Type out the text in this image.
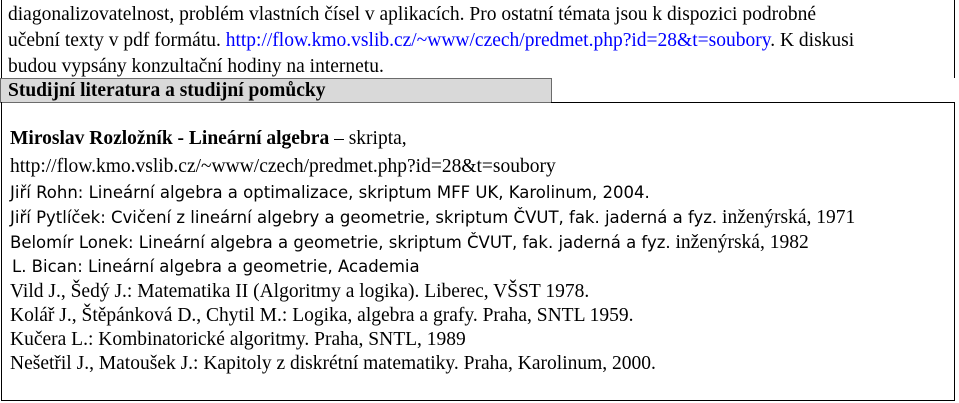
diagonalizovatelnost, problém vlastních čísel v aplikacích. Pro ostatní témata jsou k dispozici podrobné
učební texty v pdf formátu. http://flow.kmo.vslib.cz/~www/czech/predmet.php?id=28&t=soubory. K diskusi
budou vypsány konzultační hodiny na internetu.
Studijní literatura a studijní pomůcky
Miroslav Rozložník - Lineární algebra – skripta,
http://flow.kmo.vslib.cz/~www/czech/predmet.php?id=28&t=soubory
Jiří Rohn: Lineární algebra a optimalizace, skriptum MFF UK, Karolinum, 2004.
Jiří Pytlíček: Cvičení z lineární algebry a geometrie, skriptum ČVUT, fak. jaderná a fyz. inženýrská, 1971
Belomír Lonek: Lineární algebra a geometrie, skriptum ČVUT, fak. jaderná a fyz. inženýrská, 1982
L. Bican: Lineární algebra a geometrie, Academia
Vild J., Šedý J.: Matematika II (Algoritmy a logika). Liberec, VŠST 1978.
Kolář J., Štěpánková D., Chytil M.: Logika, algebra a grafy. Praha, SNTL 1959.
Kučera L.: Kombinatorické algoritmy. Praha, SNTL, 1989
Nešetřil J., Matoušek J.: Kapitoly z diskrétní matematiky. Praha, Karolinum, 2000.
